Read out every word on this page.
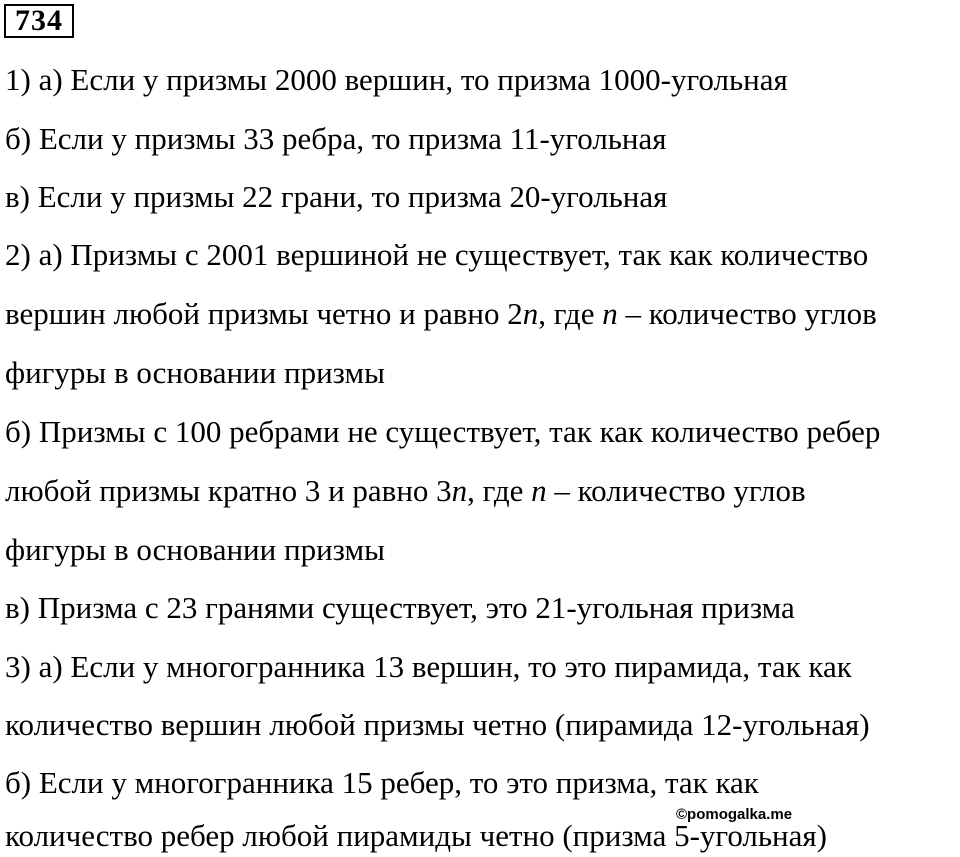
734
1) а) Если у призмы 2000 вершин, то призма 1000-угольная
б) Если у призмы 33 ребра, то призма 11-угольная
в) Если у призмы 22 грани, то призма 20-угольная
2) а) Призмы с 2001 вершиной не существует, так как количество
вершин любой призмы четно и равно 2n, где n – количество углов
фигуры в основании призмы
б) Призмы с 100 ребрами не существует, так как количество ребер
любой призмы кратно 3 и равно 3n, где n – количество углов
фигуры в основании призмы
в) Призма с 23 гранями существует, это 21-угольная призма
3) а) Если у многогранника 13 вершин, то это пирамида, так как
количество вершин любой призмы четно (пирамида 12-угольная)
б) Если у многогранника 15 ребер, то это призма, так как
количество ребер любой пирамиды четно (призма 5-угольная)
©pomogalka.me
